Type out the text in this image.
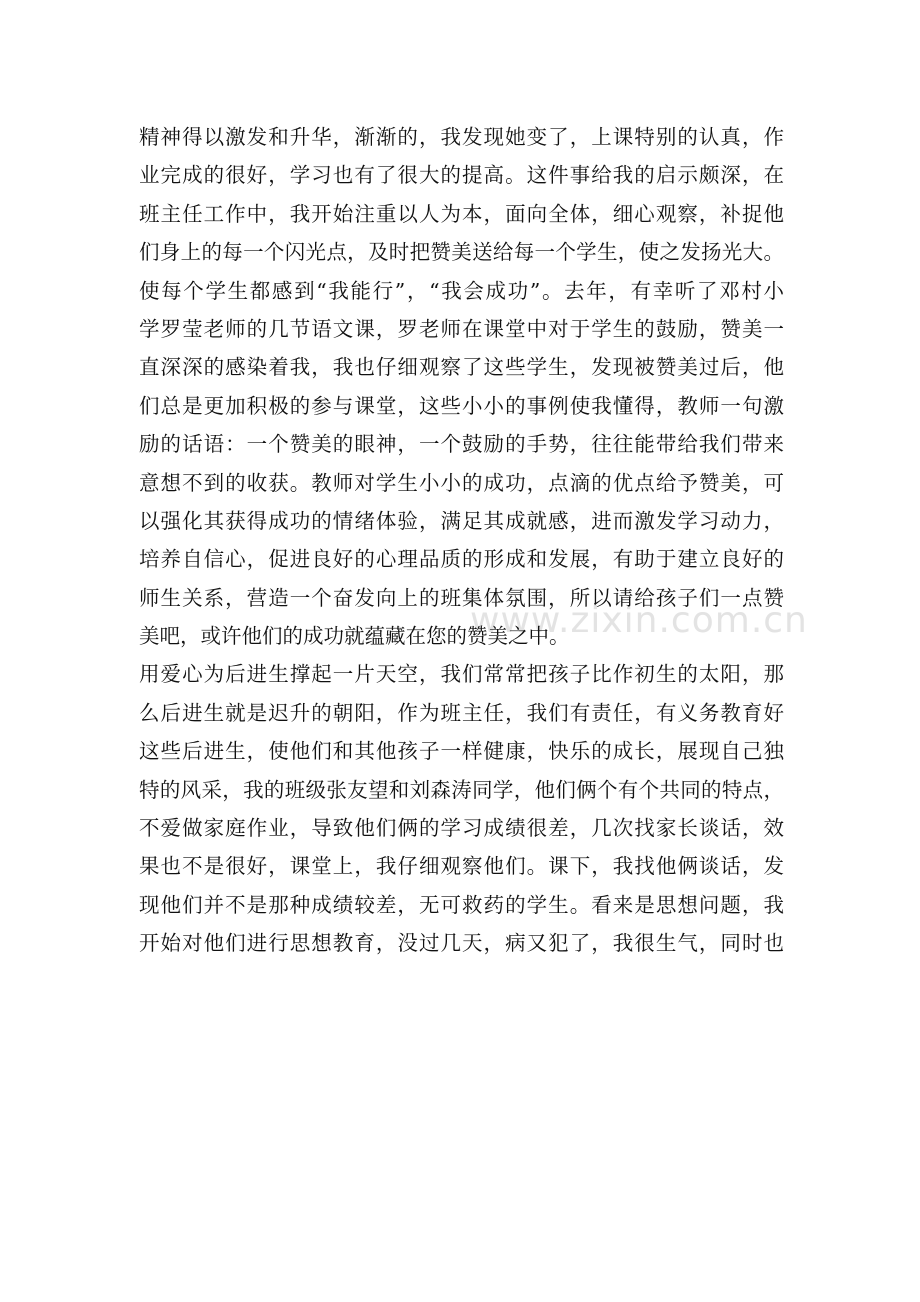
www.zixin.com.cn
精神得以激发和升华，渐渐的，我发现她变了，上课特别的认真，作
业完成的很好，学习也有了很大的提高。这件事给我的启示颇深，在
班主任工作中，我开始注重以人为本，面向全体，细心观察，补捉他
们身上的每一个闪光点，及时把赞美送给每一个学生，使之发扬光大。
使每个学生都感到“我能行”，“我会成功”。去年，有幸听了邓村小
学罗莹老师的几节语文课，罗老师在课堂中对于学生的鼓励，赞美一
直深深的感染着我，我也仔细观察了这些学生，发现被赞美过后，他
们总是更加积极的参与课堂，这些小小的事例使我懂得，教师一句激
励的话语：一个赞美的眼神，一个鼓励的手势，往往能带给我们带来
意想不到的收获。教师对学生小小的成功，点滴的优点给予赞美，可
以强化其获得成功的情绪体验，满足其成就感，进而激发学习动力，
培养自信心，促进良好的心理品质的形成和发展，有助于建立良好的
师生关系，营造一个奋发向上的班集体氛围，所以请给孩子们一点赞
美吧，或许他们的成功就蕴藏在您的赞美之中。
用爱心为后进生撑起一片天空，我们常常把孩子比作初生的太阳，那
么后进生就是迟升的朝阳，作为班主任，我们有责任，有义务教育好
这些后进生，使他们和其他孩子一样健康，快乐的成长，展现自己独
特的风采，我的班级张友望和刘森涛同学，他们俩个有个共同的特点，
不爱做家庭作业，导致他们俩的学习成绩很差，几次找家长谈话，效
果也不是很好，课堂上，我仔细观察他们。课下，我找他俩谈话，发
现他们并不是那种成绩较差，无可救药的学生。看来是思想问题，我
开始对他们进行思想教育，没过几天，病又犯了，我很生气，同时也
